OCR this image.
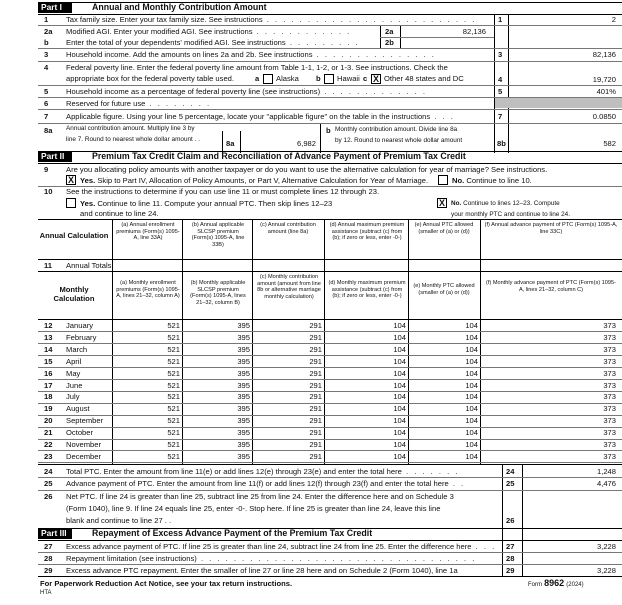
Part I	Annual and Monthly Contribution Amount
1	Tax family size. Enter your tax family size. See instructions . . . . . . . . . . . . . . . . . . . . . . . . . .	1	2
2a	Modified AGI. Enter your modified AGI. See instructions . . . . . . . . . . . .	2a	82,136
b	Enter the total of your dependents' modified AGI. See instructions . . . . . . . . .	2b
3	Household income. Add the amounts on lines 2a and 2b. See instructions . . . . . . . . . . . . . . .	3	82,136
4	Federal poverty line. Enter the federal poverty line amount from Table 1-1, 1-2, or 1-3. See instructions. Check the
appropriate box for the federal poverty table used.	a Alaska b Hawaii c X Other 48 states and DC	4	19,720
5	Household income as a percentage of federal poverty line (see instructions) . . . . . . . . . . . . .	5	401%
6	Reserved for future use . . . . . . . .
7	Applicable figure. Using your line 5 percentage, locate your "applicable figure" on the table in the instructions . . .	7	0.0850
8a	Annual contribution amount. Multiply line 3 by
line 7. Round to nearest whole dollar amount . .	8a	6,982
b Monthly contribution amount. Divide line 8a
by 12. Round to nearest whole dollar amount	8b	582
Part II	Premium Tax Credit Claim and Reconciliation of Advance Payment of Premium Tax Credit
9	Are you allocating policy amounts with another taxpayer or do you want to use the alternative calculation for year of marriage? See instructions.
X Yes. Skip to Part IV, Allocation of Policy Amounts, or Part V, Alternative Calculation for Year of Marriage.	No. Continue to line 10.
10	See the instructions to determine if you can use line 11 or must complete lines 12 through 23.
Yes. Continue to line 11. Compute your annual PTC. Then skip lines 12–23
and continue to line 24.
X No. Continue to lines 12–23. Compute
your monthly PTC and continue to line 24.
Annual Calculation
(a) Annual enrollment premiums (Form(s) 1095-A, line 33A)
(b) Annual applicable SLCSP premium (Form(s) 1095-A, line 33B)
(c) Annual contribution amount (line 8a)
(d) Annual maximum premium assistance (subtract (c) from (b); if zero or less, enter -0-)
(e) Annual PTC allowed (smaller of (a) or (d))
(f) Annual advance payment of PTC (Form(s) 1095-A, line 33C)
11	Annual Totals
Monthly Calculation
(a) Monthly enrollment premiums (Form(s) 1095-A, lines 21–32, column A)
(b) Monthly applicable SLCSP premium (Form(s) 1095-A, lines 21–32, column B)
(c) Monthly contribution amount (amount from line 8b or alternative marriage monthly calculation)
(d) Monthly maximum premium assistance (subtract (c) from (b); if zero or less, enter -0-)
(e) Monthly PTC allowed (smaller of (a) or (d))
(f) Monthly advance payment of PTC (Form(s) 1095-A, lines 21–32, column C)
12	January	521	395	291	104	104	373
13	February	521	395	291	104	104	373
14	March	521	395	291	104	104	373
15	April	521	395	291	104	104	373
16	May	521	395	291	104	104	373
17	June	521	395	291	104	104	373
18	July	521	395	291	104	104	373
19	August	521	395	291	104	104	373
20	September	521	395	291	104	104	373
21	October	521	395	291	104	104	373
22	November	521	395	291	104	104	373
23	December	521	395	291	104	104	373
24	Total PTC. Enter the amount from line 11(e) or add lines 12(e) through 23(e) and enter the total here . . . . . . .	24	1,248
25	Advance payment of PTC. Enter the amount from line 11(f) or add lines 12(f) through 23(f) and enter the total here . .	25	4,476
26	Net PTC. If line 24 is greater than line 25, subtract line 25 from line 24. Enter the difference here and on Schedule 3
(Form 1040), line 9. If line 24 equals line 25, enter -0-. Stop here. If line 25 is greater than line 24, leave this line
blank and continue to line 27 . .	26
Part III	Repayment of Excess Advance Payment of the Premium Tax Credit
27	Excess advance payment of PTC. If line 25 is greater than line 24, subtract line 24 from line 25. Enter the difference here . . . 27	3,228
28	Repayment limitation (see instructions) . . . . . . . . . . . . . . . . . . . . . . . . . . . . . . . . . .	28
29	Excess advance PTC repayment. Enter the smaller of line 27 or line 28 here and on Schedule 2 (Form 1040), line 1a	29	3,228
For Paperwork Reduction Act Notice, see your tax return instructions.
HTA
Form 8962 (2024)
